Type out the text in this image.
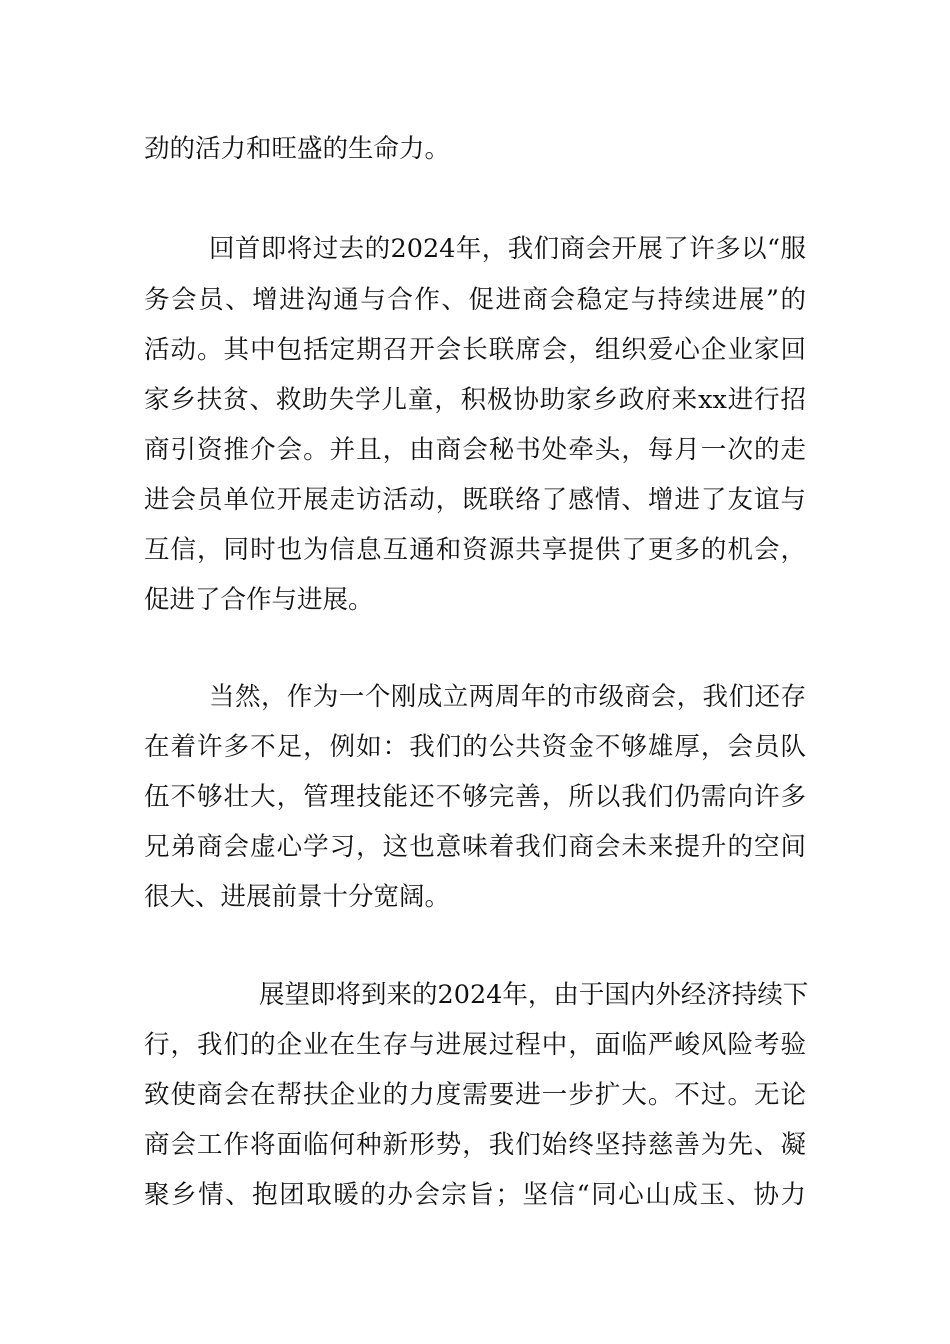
劲的活力和旺盛的生命力。
回首即将过去的2024年，我们商会开展了许多以“服
务会员、增进沟通与合作、促进商会稳定与持续进展”的
活动。其中包括定期召开会长联席会，组织爱心企业家回
家乡扶贫、救助失学儿童，积极协助家乡政府来xx进行招
商引资推介会。并且，由商会秘书处牵头，每月一次的走
进会员单位开展走访活动，既联络了感情、增进了友谊与
互信，同时也为信息互通和资源共享提供了更多的机会，
促进了合作与进展。
当然，作为一个刚成立两周年的市级商会，我们还存
在着许多不足，例如：我们的公共资金不够雄厚，会员队
伍不够壮大，管理技能还不够完善，所以我们仍需向许多
兄弟商会虚心学习，这也意味着我们商会未来提升的空间
很大、进展前景十分宽阔。
展望即将到来的2024年，由于国内外经济持续下
行，我们的企业在生存与进展过程中，面临严峻风险考验
致使商会在帮扶企业的力度需要进一步扩大。不过。无论
商会工作将面临何种新形势，我们始终坚持慈善为先、凝
聚乡情、抱团取暖的办会宗旨；坚信“同心山成玉、协力
